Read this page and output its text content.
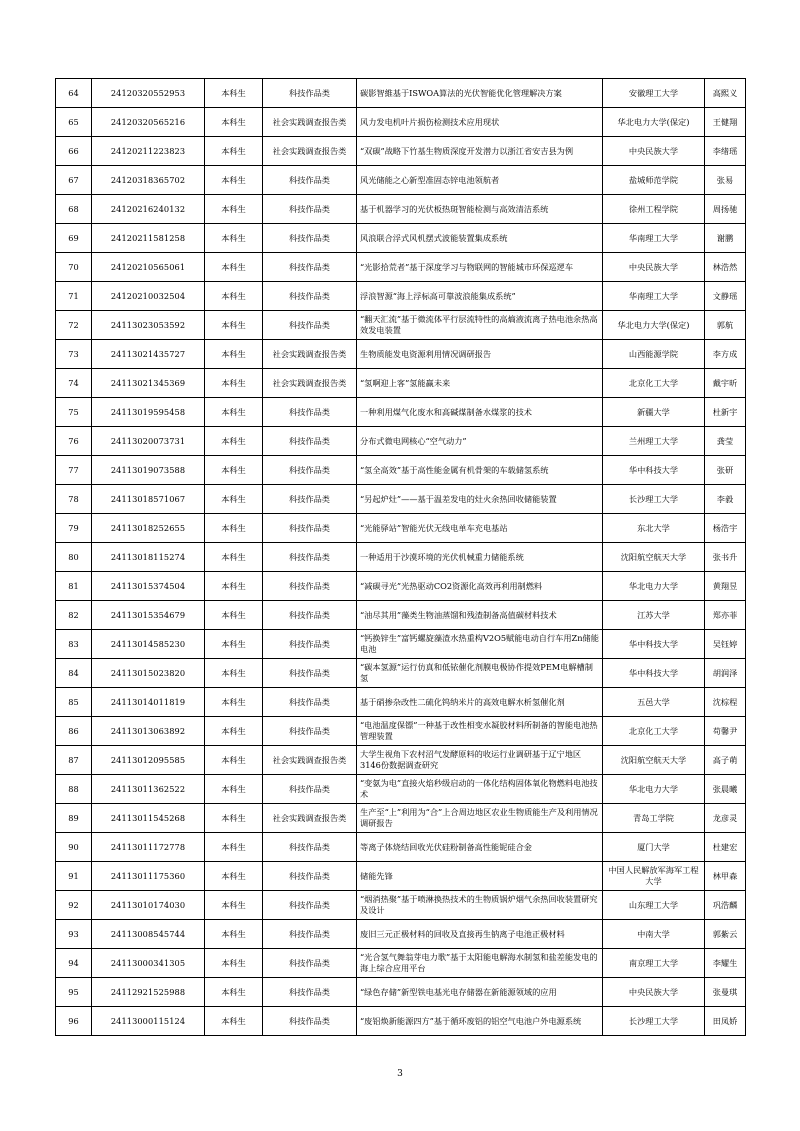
64	24120320552953	本科生	科技作品类	碳影智維基于ISWOA算法的光伏智能优化管理解决方案	安徽理工大学	高熙义
65	24120320565216	本科生	社会实践调查报告类	风力发电机叶片损伤检测技术应用现状	华北电力大学(保定)	王健翔
66	24120211223823	本科生	社会实践调查报告类	“双碳”战略下竹基生物质深度开发潜力以浙江省安吉县为例	中央民族大学	李绪瑶
67	24120318365702	本科生	科技作品类	风光储能之心新型准固态锌电池领航者	盐城师范学院	张易
68	24120216240132	本科生	科技作品类	基于机器学习的光伏板热斑智能检测与高效清洁系统	徐州工程学院	周扬驰
69	24120211581258	本科生	科技作品类	风浪联合浮式风机摆式波能装置集成系统	华南理工大学	谢鹏
70	24120210565061	本科生	科技作品类	“光影拾荒者”基于深度学习与物联网的智能城市环保巡逻车	中央民族大学	林浩然
71	24120210032504	本科生	科技作品类	浮浪智源“海上浮标高可靠波浪能集成系统”	华南理工大学	文静瑶
72	24113023053592	本科生	科技作品类	“翻天汇流”基于微流体平行层流特性的高熵液流离子热电池余热高效发电装置	华北电力大学(保定)	郭航
73	24113021435727	本科生	社会实践调查报告类	生物质能发电资源利用情况调研报告	山西能源学院	李方成
74	24113021345369	本科生	社会实践调查报告类	“氢啊迎上客”氢能赢未来	北京化工大学	戴宇昕
75	24113019595458	本科生	科技作品类	一种利用煤气化废水和高碱煤制备水煤浆的技术	新疆大学	杜新宇
76	24113020073731	本科生	科技作品类	分布式微电网核心“空气动力”	兰州理工大学	龚莹
77	24113019073588	本科生	科技作品类	“氢全高效”基于高性能金属有机骨架的车载储氢系统	华中科技大学	张研
78	24113018571067	本科生	科技作品类	“另起炉灶”——基于温差发电的灶火余热回收储能装置	长沙理工大学	李毅
79	24113018252655	本科生	科技作品类	“光能驿站”智能光伏无线电单车充电基站	东北大学	杨浩宇
80	24113018115274	本科生	科技作品类	一种适用于沙漠环境的光伏机械重力储能系统	沈阳航空航天大学	张书升
81	24113015374504	本科生	科技作品类	“减碳寻光”光热驱动CO2资源化高效再利用制燃料	华北电力大学	黄翔昱
82	24113015354679	本科生	科技作品类	“油尽其用”藻类生物油蒸馏和残渣制备高值碳材料技术	江苏大学	郑亦菲
83	24113014585230	本科生	科技作品类	“钙换锌生”富钙螺旋藻渣水热重构V2O5赋能电动自行车用Zn储能电池	华中科技大学	吴钰婷
84	24113015023820	本科生	科技作品类	“碳本氢源”运行仿真和低铱催化剂膜电极协作提效PEM电解槽制氢	华中科技大学	胡润泽
85	24113014011819	本科生	科技作品类	基于硝掺杂改性二硫化钨纳米片的高效电解水析氢催化剂	五邑大学	沈棕程
86	24113013063892	本科生	科技作品类	“电池温度保镖”一种基于改性相变水凝胶材料所制备的智能电池热管理装置	北京化工大学	苟馨尹
87	24113012095585	本科生	社会实践调查报告类	大学生视角下农村沼气发酵原料的收运行业调研基于辽宁地区3146份数据调查研究	沈阳航空航天大学	高子萌
88	24113011362522	本科生	科技作品类	“变氨为电”直接火焰秒级启动的一体化结构固体氧化物燃料电池技术	华北电力大学	张晨曦
89	24113011545268	本科生	社会实践调查报告类	生产至“上”利用为“合”上合周边地区农业生物质能生产及利用情况调研报告	青岛工学院	龙彦灵
90	24113011172778	本科生	科技作品类	等离子体烧结回收光伏硅粉制备高性能铌硅合金	厦门大学	杜建宏
91	24113011175360	本科生	科技作品类	储能先锋	中国人民解放军海军工程大学	林甲森
92	24113010174030	本科生	科技作品类	“烟消热聚”基于喷淋换热技术的生物质锅炉烟气余热回收装置研究及设计	山东理工大学	巩浩麟
93	24113008545744	本科生	科技作品类	废旧三元正极材料的回收及直接再生钠离子电池正极材料	中南大学	郭紫云
94	24113000341305	本科生	科技作品类	“光合氢气舞翁芽电力歌”基于太阳能电解海水制氢和盐差能发电的海上综合应用平台	南京理工大学	李耀生
95	24112921525988	本科生	科技作品类	“绿色存储”新型铁电基光电存储器在新能源领域的应用	中央民族大学	张曼琪
96	24113000115124	本科生	科技作品类	“废铝焕新能源四方”基于循环废铝的铝空气电池户外电源系统	长沙理工大学	田凤娇
3
